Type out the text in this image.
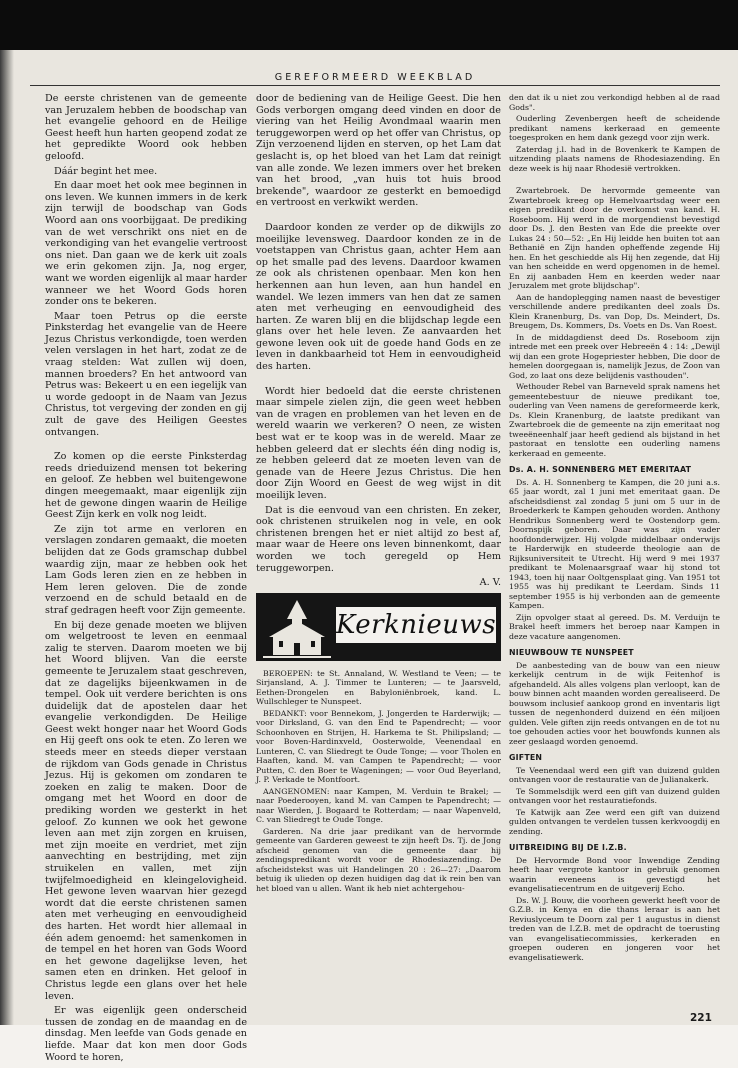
GEREFORMEERD WEEKBLAD

De eerste christenen van de gemeente van Jeruzalem hebben de boodschap van het evangelie gehoord en de Heilige Geest heeft hun harten geopend zodat ze het gepredikte Woord ook hebben geloofd.

Dáár begint het mee.

En daar moet het ook mee beginnen in ons leven. We kunnen immers in de kerk zijn terwijl de boodschap van Gods Woord aan ons voorbijgaat. De prediking van de wet verschrikt ons niet en de verkondiging van het evangelie vertroost ons niet. Dan gaan we de kerk uit zoals we erin gekomen zijn. Ja, nog erger, want we worden eigenlijk al maar harder wanneer we het Woord Gods horen zonder ons te bekeren.

Maar toen Petrus op die eerste Pinksterdag het evangelie van de Heere Jezus Christus verkondigde, toen werden velen verslagen in het hart, zodat ze de vraag stelden: Wat zullen wij doen, mannen broeders? En het antwoord van Petrus was: Bekeert u en een iegelijk van u worde gedoopt in de Naam van Jezus Christus, tot vergeving der zonden en gij zult de gave des Heiligen Geestes ontvangen.

Zo komen op die eerste Pinksterdag reeds drieduizend mensen tot bekering en geloof. Ze hebben wel buitengewone dingen meegemaakt, maar eigenlijk zijn het de gewone dingen waarin de Heilige Geest Zijn kerk en volk nog leidt.

Ze zijn tot arme en verloren en verslagen zondaren gemaakt, die moeten belijden dat ze Gods gramschap dubbel waardig zijn, maar ze hebben ook het Lam Gods leren zien en ze hebben in Hem leren geloven. Die de zonde verzoend en de schuld betaald en de straf gedragen heeft voor Zijn gemeente.

En bij deze genade moeten we blijven om welgetroost te leven en eenmaal zalig te sterven. Daarom moeten we bij het Woord blijven. Van die eerste gemeente te Jeruzalem staat geschreven, dat ze dagelijks bijeenkwamen in de tempel. Ook uit verdere berichten is ons duidelijk dat de apostelen daar het evangelie verkondigden. De Heilige Geest wekt honger naar het Woord Gods en Hij geeft ons ook te eten. Zo leren we steeds meer en steeds dieper verstaan de rijkdom van Gods genade in Christus Jezus. Hij is gekomen om zondaren te zoeken en zalig te maken. Door de omgang met het Woord en door de prediking worden we gesterkt in het geloof. Zo kunnen we ook het gewone leven aan met zijn zorgen en kruisen, met zijn moeite en verdriet, met zijn aanvechting en bestrijding, met zijn struikelen en vallen, met zijn twijfelmoedigheid en kleingelovigheid. Het gewone leven waarvan hier gezegd wordt dat die eerste christenen samen aten met verheuging en eenvoudigheid des harten. Het wordt hier allemaal in één adem genoemd: het samenkomen in de tempel en het horen van Gods Woord en het gewone dagelijkse leven, het samen eten en drinken. Het geloof in Christus legde een glans over het hele leven.

Er was eigenlijk geen onderscheid tussen de zondag en de maandag en de dinsdag. Men leefde van Gods genade en liefde. Maar dat kon men door Gods Woord te horen,

door de bediening van de Heilige Geest. Die hen Gods verborgen omgang deed vinden en door de viering van het Heilig Avondmaal waarin men teruggeworpen werd op het offer van Christus, op Zijn verzoenend lijden en sterven, op het Lam dat geslacht is, op het bloed van het Lam dat reinigt van alle zonde. We lezen immers over het breken van het brood, „van huis tot huis brood brekende", waardoor ze gesterkt en bemoedigd en vertroost en verkwikt werden.

Daardoor konden ze verder op de dikwijls zo moeilijke levensweg. Daardoor konden ze in de voetstappen van Christus gaan, achter Hem aan op het smalle pad des levens. Daardoor kwamen ze ook als christenen openbaar. Men kon hen herkennen aan hun leven, aan hun handel en wandel. We lezen immers van hen dat ze samen aten met verheuging en eenvoudigheid des harten. Ze waren blij en die blijdschap legde een glans over het hele leven. Ze aanvaarden het gewone leven ook uit de goede hand Gods en ze leven in dankbaarheid tot Hem in eenvoudigheid des harten.

Wordt hier bedoeld dat die eerste christenen maar simpele zielen zijn, die geen weet hebben van de vragen en problemen van het leven en de wereld waarin we verkeren? O neen, ze wisten best wat er te koop was in de wereld. Maar ze hebben geleerd dat er slechts één ding nodig is, ze hebben geleerd dat ze moeten leven van de genade van de Heere Jezus Christus. Die hen door Zijn Woord en Geest de weg wijst in dit moeilijk leven.

Dat is die eenvoud van een christen. En zeker, ook christenen struikelen nog in vele, en ook christenen brengen het er niet altijd zo best af, maar waar de Heere ons leven binnenkomt, daar worden we toch geregeld op Hem teruggeworpen.

A. V.
Kerknieuws

BEROEPEN: te St. Annaland, W. Westland te Veen; — te Sirjansland, A. J. Timmer te Lunteren; — te Jaarsveld, Eethen-Drongelen en Babyloniënbroek, kand. L. Wullschleger te Nunspeet.

BEDANKT: voor Bennekom, J. Jongerden te Harderwijk; — voor Dirksland, G. van den End te Papendrecht; — voor Schoonhoven en Strijen, H. Harkema te St. Philipsland; — voor Boven-Hardinxveld, Oosterwolde, Veenendaal en Lunteren, C. van Sliedregt te Oude Tonge; — voor Tholen en Haaften, kand. M. van Campen te Papendrecht; — voor Putten, C. den Boer te Wageningen; — voor Oud Beyerland, J. P. Verkade te Montfoort.

AANGENOMEN: naar Kampen, M. Verduin te Brakel; — naar Poederooyen, kand M. van Campen te Papendrecht; — naar Wierden, J. Bogaard te Rotterdam; — naar Wapenveld, C. van Sliedregt te Oude Tonge.

Garderen. Na drie jaar predikant van de hervormde gemeente van Garderen geweest te zijn heeft Ds. Tj. de Jong afscheid genomen van die gemeente daar hij zendingspredikant wordt voor de Rhodesiazending. De afscheidstekst was uit Handelingen 20 : 26—27: „Daarom betuig ik ulieden op dezen huidigen dag dat ik rein ben van het bloed van u allen. Want ik heb niet achtergehou-

den dat ik u niet zou verkondigd hebben al de raad Gods".

Ouderling Zevenbergen heeft de scheidende predikant namens kerkeraad en gemeente toegesproken en hem dank gezegd voor zijn werk.

Zaterdag j.l. had in de Bovenkerk te Kampen de uitzending plaats namens de Rhodesiazending. En deze week is hij naar Rhodesië vertrokken.

Zwartebroek. De hervormde gemeente van Zwartebroek kreeg op Hemelvaartsdag weer een eigen predikant door de overkomst van kand. H. Roseboom. Hij werd in de morgendienst bevestigd door Ds. J. den Besten van Ede die preekte over Lukas 24 : 50—52: „En Hij leidde hen buiten tot aan Bethanië en Zijn handen opheffende zegende Hij hen. En het geschiedde als Hij hen zegende, dat Hij van hen scheidde en werd opgenomen in de hemel. En zij aanbaden Hem en keerden weder naar Jeruzalem met grote blijdschap".

Aan de handoplegging namen naast de bevestiger verschillende andere predikanten deel zoals Ds. Klein Kranenburg, Ds. van Dop, Ds. Meindert, Ds. Breugem, Ds. Kommers, Ds. Voets en Ds. Van Roest.

In de middagdienst deed Ds. Roseboom zijn intrede met een preek over Hebreeën 4 : 14: „Dewijl wij dan een grote Hogepriester hebben, Die door de hemelen doorgegaan is, namelijk Jezus, de Zoon van God, zo laat ons deze belijdenis vasthouden".

Wethouder Rebel van Barneveld sprak namens het gemeentebestuur de nieuwe predikant toe, ouderling van Veen namens de gereformeerde kerk, Ds. Klein Kranenburg, de laatste predikant van Zwartebroek die de gemeente na zijn emeritaat nog tweeëneenhalf jaar heeft gediend als bijstand in het pastoraat en tenslotte een ouderling namens kerkeraad en gemeente.

Ds. A. H. SONNENBERG MET EMERITAAT

Ds. A. H. Sonnenberg te Kampen, die 20 juni a.s. 65 jaar wordt, zal 1 juni met emeritaat gaan. De afscheidsdienst zal zondag 5 juni om 5 uur in de Broederkerk te Kampen gehouden worden. Anthony Hendrikus Sonnenberg werd te Oostendorp gem. Doornspijk geboren. Daar was zijn vader hoofdonderwijzer. Hij volgde middelbaar onderwijs te Harderwijk en studeerde theologie aan de Rijksuniversiteit te Utrecht. Hij werd 9 mei 1937 predikant te Molenaarsgraaf waar hij stond tot 1943, toen hij naar Ooltgensplaat ging. Van 1951 tot 1955 was hij predikant te Leerdam. Sinds 11 september 1955 is hij verbonden aan de gemeente Kampen.

Zijn opvolger staat al gereed. Ds. M. Verduijn te Brakel heeft immers het beroep naar Kampen in deze vacature aangenomen.

NIEUWBOUW TE NUNSPEET

De aanbesteding van de bouw van een nieuw kerkelijk centrum in de wijk Feitenhof is afgehandeld. Als alles volgens plan verloopt, kan de bouw binnen acht maanden worden gerealiseerd. De bouwsom inclusief aankoop grond en inventaris ligt tussen de negenhonderd duizend en één miljoen gulden. Vele giften zijn reeds ontvangen en de tot nu toe gehouden acties voor het bouwfonds kunnen als zeer geslaagd worden genoemd.

GIFTEN

Te Veenendaal werd een gift van duizend gulden ontvangen voor de restauratie van de Julianakerk.

Te Sommelsdijk werd een gift van duizend gulden ontvangen voor het restauratiefonds.

Te Katwijk aan Zee werd een gift van duizend gulden ontvangen te verdelen tussen kerkvoogdij en zending.

UITBREIDING BIJ DE I.Z.B.

De Hervormde Bond voor Inwendige Zending heeft haar vergrote kantoor in gebruik genomen waarin eveneens is gevestigd het evangelisatiecentrum en de uitgeverij Echo.

Ds. W. J. Bouw, die voorheen gewerkt heeft voor de G.Z.B. in Kenya en die thans leraar is aan het Reviuslyceum te Doorn zal per 1 augustus in dienst treden van de I.Z.B. met de opdracht de toerusting van evangelisatiecommissies, kerkeraden en groepen ouderen en jongeren voor het evangelisatiewerk.

221
